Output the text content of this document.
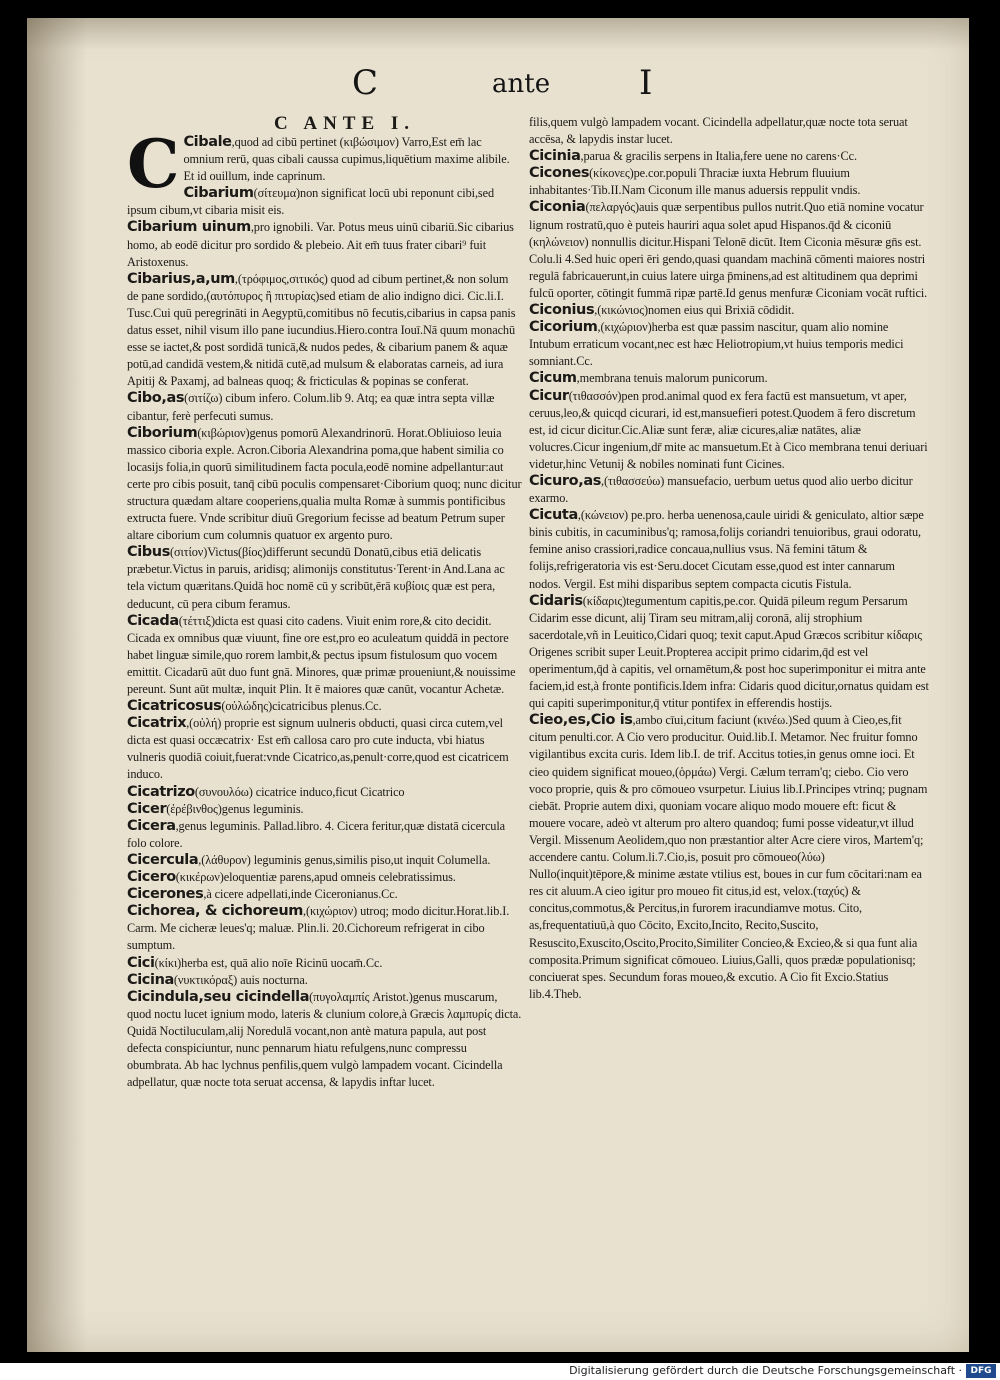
C	ante	I
C ANTE I.

C Cibale,quod ad cibū pertinet (κιβώσιμον) Varro,Est em̄ lac omnium rerū, quas cibali caussa cupimus,liquētium maxime alibile. Et id ouillum, inde caprinum.

Cibarium(σίτευμα)non significat locū ubi reponunt cibi,sed ipsum cibum,vt cibaria misit eis.

Cibarium uinum,pro ignobili. Var. Potus meus uinū cibariū.Sic cibarius homo, ab eodē dicitur pro sordido & plebeio. Ait em̄ tuus frater cibari⁹ fuit Aristoxenus.

Cibarius,a,um,(τρόφιμος,σιτικός) quod ad cibum pertinet,& non solum de pane sordido,(αυτόπυρος ἢ πιτυρίας)sed etiam de alio indigno dici. Cic.li.I. Tusc.Cui quū peregrināti in Aegyptū,comitibus nō fecutis,cibarius in capsa panis datus esset, nihil visum illo pane iucundius.Hiero.contra Iouī.Nā quum monachū esse se iactet,& post sordidā tunicā,& nudos pedes, & cibarium panem & aquæ potū,ad candidā vestem,& nitidā cutē,ad mulsum & elaboratas carneis, ad iura Apitij & Paxamj, ad balneas quoq; & fricticulas & popinas se conferat.

Cibo,as(σιτίζω) cibum infero. Colum.lib 9. Atq; ea quæ intra septa villæ cibantur, ferè perfecuti sumus.

Ciborium(κιβώριον)genus pomorū Alexandrinorū. Horat.Obliuioso leuia massico ciboria exple. Acron.Ciboria Alexandrina poma,que habent similia co locasijs folia,in quorū similitudinem facta pocula,eodē nomine adpellantur:aut certe pro cibis posuit, tanq̄ cibū poculis compensaret·Ciborium quoq; nunc dicitur structura quædam altare cooperiens,qualia multa Romæ à summis pontificibus extructa fuere. Vnde scribitur diuū Gregorium fecisse ad beatum Petrum super altare ciborium cum columnis quatuor ex argento puro.

Cibus(σιτίον)Victus(βίος)differunt secundū Donatū,cibus etiā delicatis præbetur.Victus in paruis, aridisq; alimonijs constitutus·Terent·in And.Lana ac tela victum quæritans.Quidā hoc nomē cū y scribūt,ērā κυβίοις quæ est pera, deducunt, cū pera cibum feramus.

Cicada(τέττιξ)dicta est quasi cito cadens. Viuit enim rore,& cito decidit. Cicada ex omnibus quæ viuunt, fine ore est,pro eo aculeatum quiddā in pectore habet linguæ simile,quo rorem lambit,& pectus ipsum fistulosum quo vocem emittit. Cicadarū aūt duo funt gnā. Minores, quæ primæ proueniunt,& nouissime pereunt. Sunt aūt multæ, inquit Plin. It ē maiores quæ canūt, vocantur Achetæ.

Cicatricosus(οὐλώδης)cicatricibus plenus.Cc.

Cicatrix,(οὐλή) proprie est signum uulneris obducti, quasi circa cutem,vel dicta est quasi occæcatrix· Est em̄ callosa caro pro cute inducta, vbi hiatus vulneris quodiā coiuit,fuerat:vnde Cicatrico,as,penult·corre,quod est cicatricem induco.

Cicatrizo(συνουλόω) cicatrice induco,ficut Cicatrico

Cicer(ἐρέβινθος)genus leguminis.

Cicera,genus leguminis. Pallad.libro. 4. Cicera feritur,quæ distatā cicercula folo colore.

Cicercula,(λάθυρον) leguminis genus,similis piso,ut inquit Columella.

Cicero(κικέρων)eloquentiæ parens,apud omneis celebratissimus.

Cicerones,à cicere adpellati,inde Ciceronianus.Cc.

Cichorea, & cichoreum,(κιχώριον) utroq; modo dicitur.Horat.lib.I. Carm. Me cicheræ leues'q; maluæ. Plin.li. 20.Cichoreum refrigerat in cibo sumptum.

Cici(κίκι)herba est, quā alio noīe Ricinū uocam̄.Cc.

Cicina(νυκτικόραξ) auis nocturna.

Cicindula,seu cicindella(πυγολαμπίς Aristot.)genus muscarum, quod noctu lucet ignium modo, lateris & clunium colore,à Græcis λαμπυρίς dicta. Quidā Noctiluculam,alij Noredulā vocant,non antè matura papula, aut post defecta conspiciuntur, nunc pennarum hiatu refulgens,nunc compressu obumbrata. Ab hac lychnus penfilis,quem vulgò lampadem vocant. Cicindella adpellatur, quæ nocte tota seruat accensa, & lapydis inftar lucet.

filis,quem vulgò lampadem vocant. Cicindella adpellatur,quæ nocte tota seruat accēsa, & lapydis instar lucet.

Cicinia,parua & gracilis serpens in Italia,fere uene no carens·Cc.

Cicones(κίκονες)pe.cor.populi Thraciæ iuxta Hebrum fluuium inhabitantes·Tib.II.Nam Ciconum ille manus aduersis reppulit vndis.

Ciconia(πελαργός)auis quæ serpentibus pullos nutrit.Quo etiā nomine vocatur lignum rostratū,quo è puteis hauriri aqua solet apud Hispanos.q̄d & ciconiū (κηλώνειον) nonnullis dicitur.Hispani Telonē dicūt. Item Ciconia mēsuræ gn̄s est. Colu.li 4.Sed huic operi ēri gendo,quasi quandam machinā cōmenti maiores nostri regulā fabricauerunt,in cuius latere uirga p̄minens,ad est altitudinem qua deprimi fulcū oporter, cōtingit fummā ripæ partē.Id genus menfuræ Ciconiam vocāt ruftici.

Ciconius,(κικώνιος)nomen eius qui Brixiā cōdidit.

Cicorium,(κιχώριον)herba est quæ passim nascitur, quam alio nomine Intubum erraticum vocant,nec est hæc Heliotropium,vt huius temporis medici somniant.Cc.

Cicum,membrana tenuis malorum punicorum.

Cicur(τιθασσόν)pen prod.animal quod ex fera factū est mansuetum, vt aper, ceruus,leo,& quicqd cicurari, id est,mansuefieri potest.Quodem ā fero discretum est, id cicur dicitur.Cic.Aliæ sunt feræ, aliæ cicures,aliæ natātes, aliæ volucres.Cicur ingenium,dr̄ mite ac mansuetum.Et à Cico membrana tenui deriuari videtur,hinc Vetunij & nobiles nominati funt Cicines.

Cicuro,as,(τιθασσεύω) mansuefacio, uerbum uetus quod alio uerbo dicitur exarmo.

Cicuta,(κώνειον) pe.pro. herba uenenosa,caule uiridi & geniculato, altior sæpe binis cubitis, in cacuminibus'q; ramosa,folijs coriandri tenuioribus, graui odoratu, femine aniso crassiori,radice concaua,nullius vsus. Nā femini tātum & folijs,refrigeratoria vis est·Seru.docet Cicutam esse,quod est inter cannarum nodos. Vergil. Est mihi disparibus septem compacta cicutis Fistula.

Cidaris(κίδαρις)tegumentum capitis,pe.cor. Quidā pileum regum Persarum Cidarim esse dicunt, alij Tiram seu mitram,alij coronā, alij strophium sacerdotale,vñ in Leuitico,Cidari quoq; texit caput.Apud Græcos scribitur κίδαρις Origenes scribit super Leuit.Propterea accipit primo cidarim,q̄d est vel operimentum,q̄d à capitis, vel ornamētum,& post hoc superimponitur ei mitra ante faciem,id est,à fronte pontificis.Idem infra: Cidaris quod dicitur,ornatus quidam est qui capiti superimponitur,q̄ vtitur pontifex in efferendis hostijs.

Cieo,es,Cio is,ambo cīui,citum faciunt (κινέω.)Sed quum à Cieo,es,fit citum penulti.cor. A Cio vero producitur. Ouid.lib.I. Metamor. Nec fruitur fomno vigilantibus excita curis. Idem lib.I. de trif. Accitus toties,in genus omne ioci. Et cieo quidem significat moueo,(ὁρμάω) Vergi. Cælum terram'q; ciebo. Cio vero voco proprie, quis & pro cōmoueo vsurpetur. Liuius lib.I.Principes vtrinq; pugnam ciebāt. Proprie autem dixi, quoniam vocare aliquo modo mouere eft: ficut & mouere vocare, adeò vt alterum pro altero quandoq; fumi posse videatur,vt illud Vergil. Missenum Aeolidem,quo non præstantior alter Acre ciere viros, Martem'q; accendere cantu. Colum.li.7.Cio,is, posuit pro cōmoueo(λύω) Nullo(inquit)tēpore,& minime æstate vtilius est, boues in cur fum cōcitari:nam ea res cit aluum.A cieo igitur pro moueo fit citus,id est, velox.(ταχύς) & concitus,commotus,& Percitus,in furorem iracundiamve motus. Cito, as,frequentatiuū,à quo Cōcito, Excito,Incito, Recito,Suscito, Resuscito,Exuscito,Oscito,Procito,Similiter Concieo,& Excieo,& si qua funt alia composita.Primum significat cōmoueo. Liuius,Galli, quos prædæ populationisq; conciuerat spes. Secundum foras moueo,& excutio. A Cio fit Excio.Statius lib.4.Theb.

Digitalisierung gefördert durch die Deutsche Forschungsgemeinschaft · DFG
